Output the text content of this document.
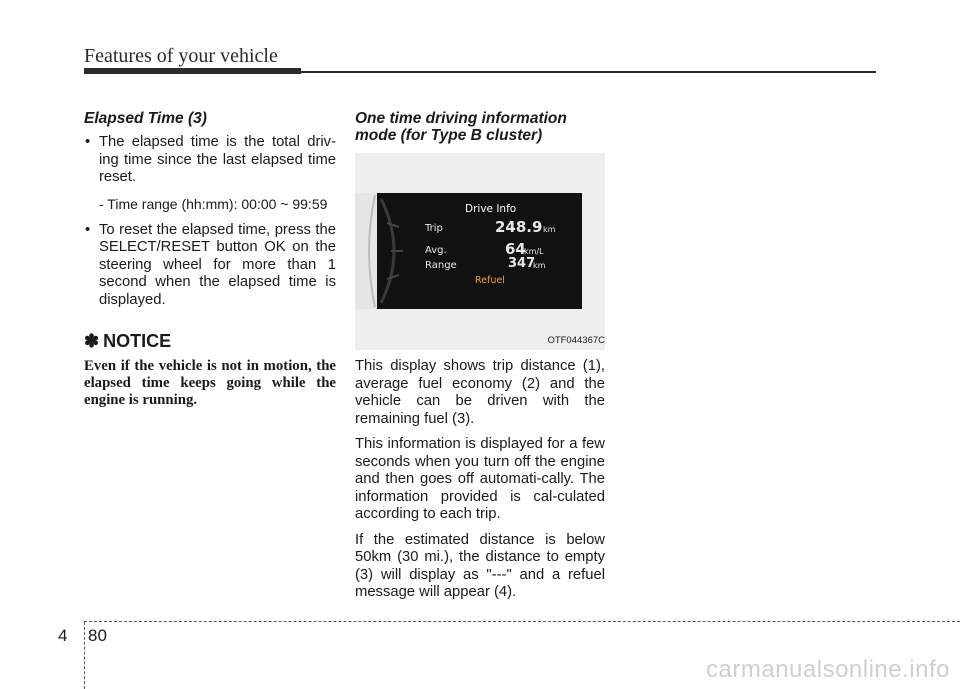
Features of your vehicle

Elapsed Time (3)

• The elapsed time is the total driv-ing time since the last elapsed time reset.

- Time range (hh:mm): 00:00 ~ 99:59

• To reset the elapsed time, press the SELECT/RESET button OK on the steering wheel for more than 1 second when the elapsed time is displayed.

✽ NOTICE

Even if the vehicle is not in motion, the elapsed time keeps going while the engine is running.

One time driving information mode (for Type B cluster)

Drive Info
Trip	248.9 km
Avg.	64
km/L
Range	347
km
Refuel
OTF044367C

This display shows trip distance (1), average fuel economy (2) and the vehicle can be driven with the remaining fuel (3).

This information is displayed for a few seconds when you turn off the engine and then goes off automati-cally. The information provided is cal-culated according to each trip.

If the estimated distance is below 50km (30 mi.), the distance to empty (3) will display as "---" and a refuel message will appear (4).

4 80
carmanualsonline.info
